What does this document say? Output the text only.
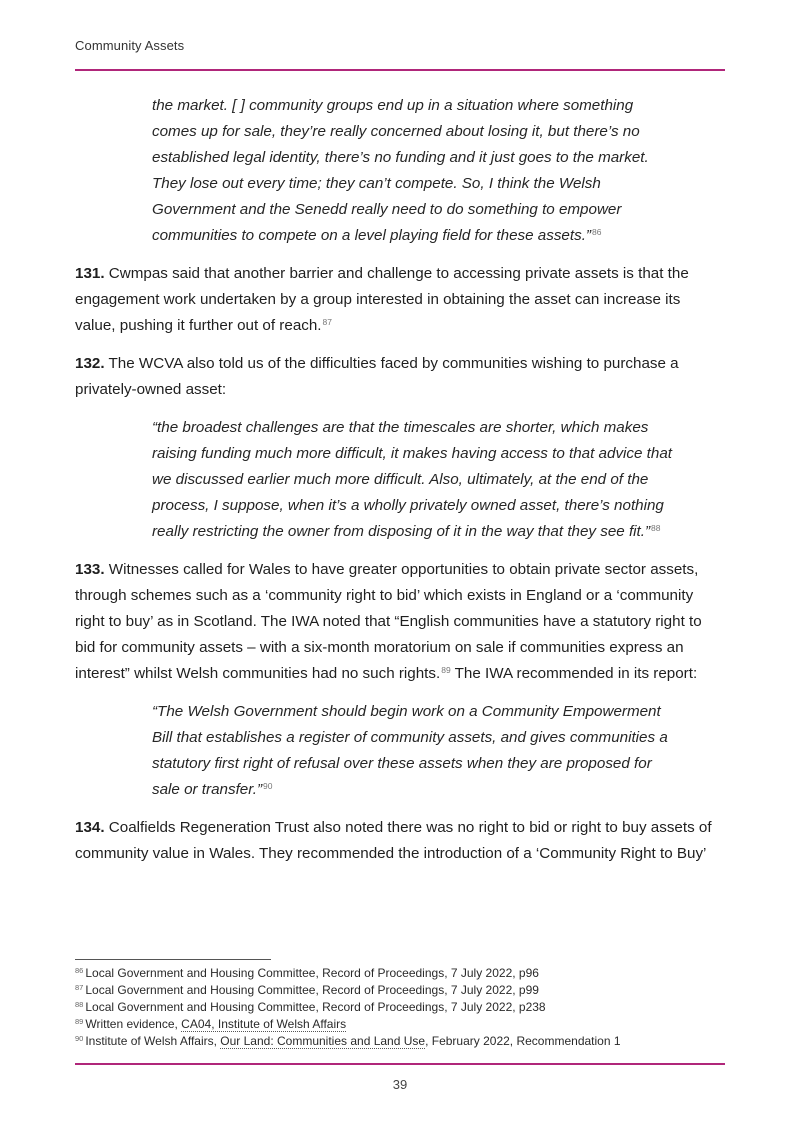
Community Assets

the market. [ ] community groups end up in a situation where something comes up for sale, they’re really concerned about losing it, but there’s no established legal identity, there’s no funding and it just goes to the market. They lose out every time; they can’t compete. So, I think the Welsh Government and the Senedd really need to do something to empower communities to compete on a level playing field for these assets.”$^{86}$

131. Cwmpas said that another barrier and challenge to accessing private assets is that the engagement work undertaken by a group interested in obtaining the asset can increase its value, pushing it further out of reach.$^{87}$

132. The WCVA also told us of the difficulties faced by communities wishing to purchase a privately-owned asset:

“the broadest challenges are that the timescales are shorter, which makes raising funding much more difficult, it makes having access to that advice that we discussed earlier much more difficult. Also, ultimately, at the end of the process, I suppose, when it’s a wholly privately owned asset, there’s nothing really restricting the owner from disposing of it in the way that they see fit.”$^{88}$

133. Witnesses called for Wales to have greater opportunities to obtain private sector assets, through schemes such as a ‘community right to bid’ which exists in England or a ‘community right to buy’ as in Scotland. The IWA noted that “English communities have a statutory right to bid for community assets – with a six-month moratorium on sale if communities express an interest” whilst Welsh communities had no such rights.$^{89}$ The IWA recommended in its report:

“The Welsh Government should begin work on a Community Empowerment Bill that establishes a register of community assets, and gives communities a statutory first right of refusal over these assets when they are proposed for sale or transfer.”$^{90}$

134. Coalfields Regeneration Trust also noted there was no right to bid or right to buy assets of community value in Wales. They recommended the introduction of a ‘Community Right to Buy’

$^{86}$ Local Government and Housing Committee, Record of Proceedings, 7 July 2022, p96
$^{87}$ Local Government and Housing Committee, Record of Proceedings, 7 July 2022, p99
$^{88}$ Local Government and Housing Committee, Record of Proceedings, 7 July 2022, p238
$^{89}$ Written evidence, CA04, Institute of Welsh Affairs
$^{90}$ Institute of Welsh Affairs, Our Land: Communities and Land Use, February 2022, Recommendation 1
39
